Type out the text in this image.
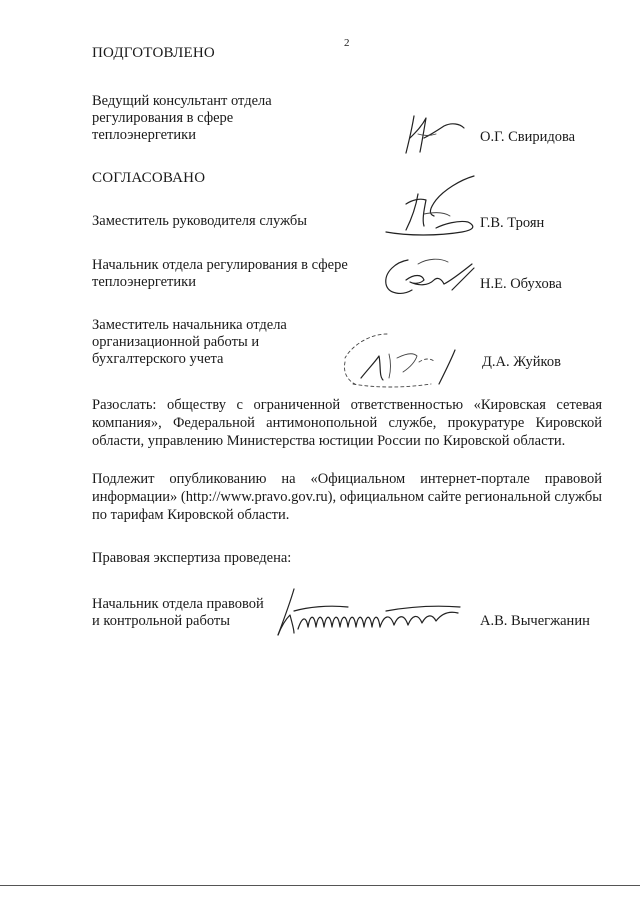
2
ПОДГОТОВЛЕНО
Ведущий консультант отдела
регулирования в сфере
теплоэнергетики	О.Г. Свиридова
СОГЛАСОВАНО
Заместитель руководителя службы	Г.В. Троян
Начальник отдела регулирования в сфере
теплоэнергетики	Н.Е. Обухова
Заместитель начальника отдела
организационной работы и
бухгалтерского учета	Д.А. Жуйков
Разослать: обществу с ограниченной ответственностью «Кировская сетевая компания», Федеральной антимонопольной службе, прокуратуре Кировской области, управлению Министерства юстиции России по Кировской области.
Подлежит опубликованию на «Официальном интернет-портале правовой информации» (http://www.pravo.gov.ru), официальном сайте региональной службы по тарифам Кировской области.
Правовая экспертиза проведена:
Начальник отдела правовой
и контрольной работы	А.В. Вычегжанин
